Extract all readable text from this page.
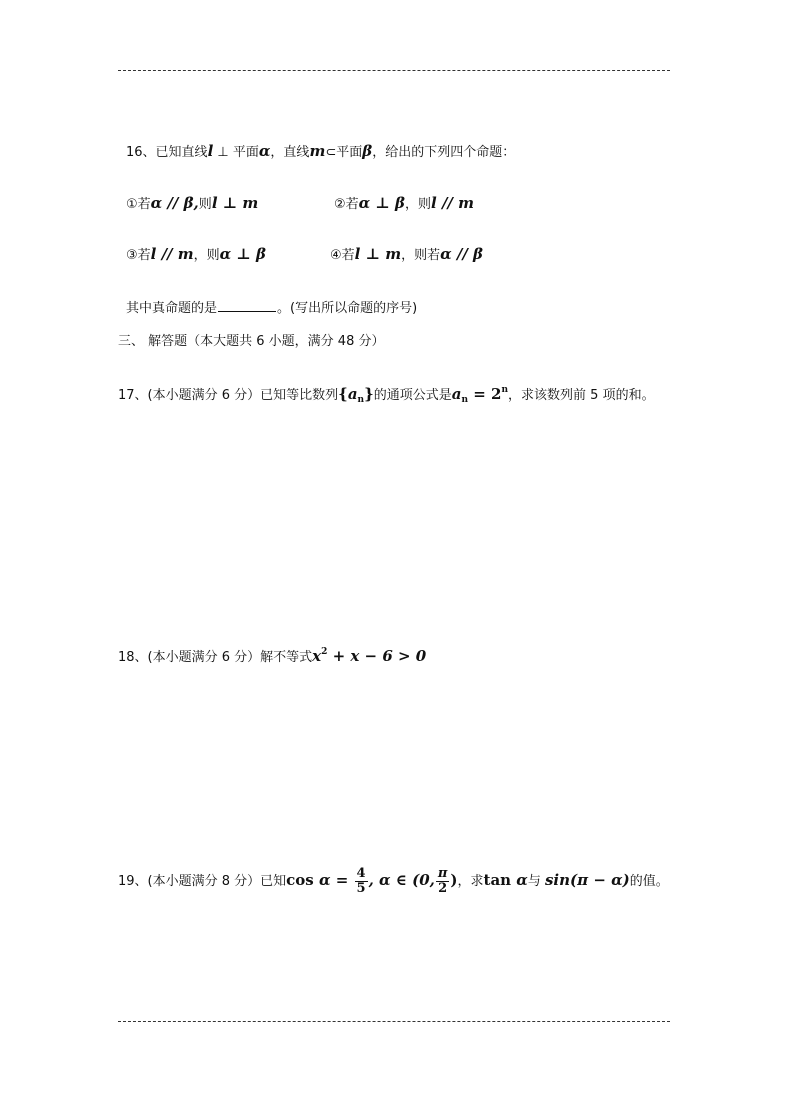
16、已知直线l ⊥ 平面α，直线m⊂平面β，给出的下列四个命题：
①若α // β,则l ⊥ m	②若α ⊥ β，则l // m
③若l // m，则α ⊥ β	④若l ⊥ m，则若α // β
其中真命题的是	。(写出所以命题的序号)
三、 解答题（本大题共 6 小题，满分 48 分）
17、(本小题满分 6 分）已知等比数列$\{a_n\}$的通项公式是$a_n = 2^n$，求该数列前 5 项的和。
18、(本小题满分 6 分）解不等式$x^2 + x - 6 > 0$
19、(本小题满分 8 分）已知$\cos \alpha = \frac{4}{5}$ , α ∈ (0, $\frac{\pi}{2}$ )，求tan α与 sin(π − α)的值。
